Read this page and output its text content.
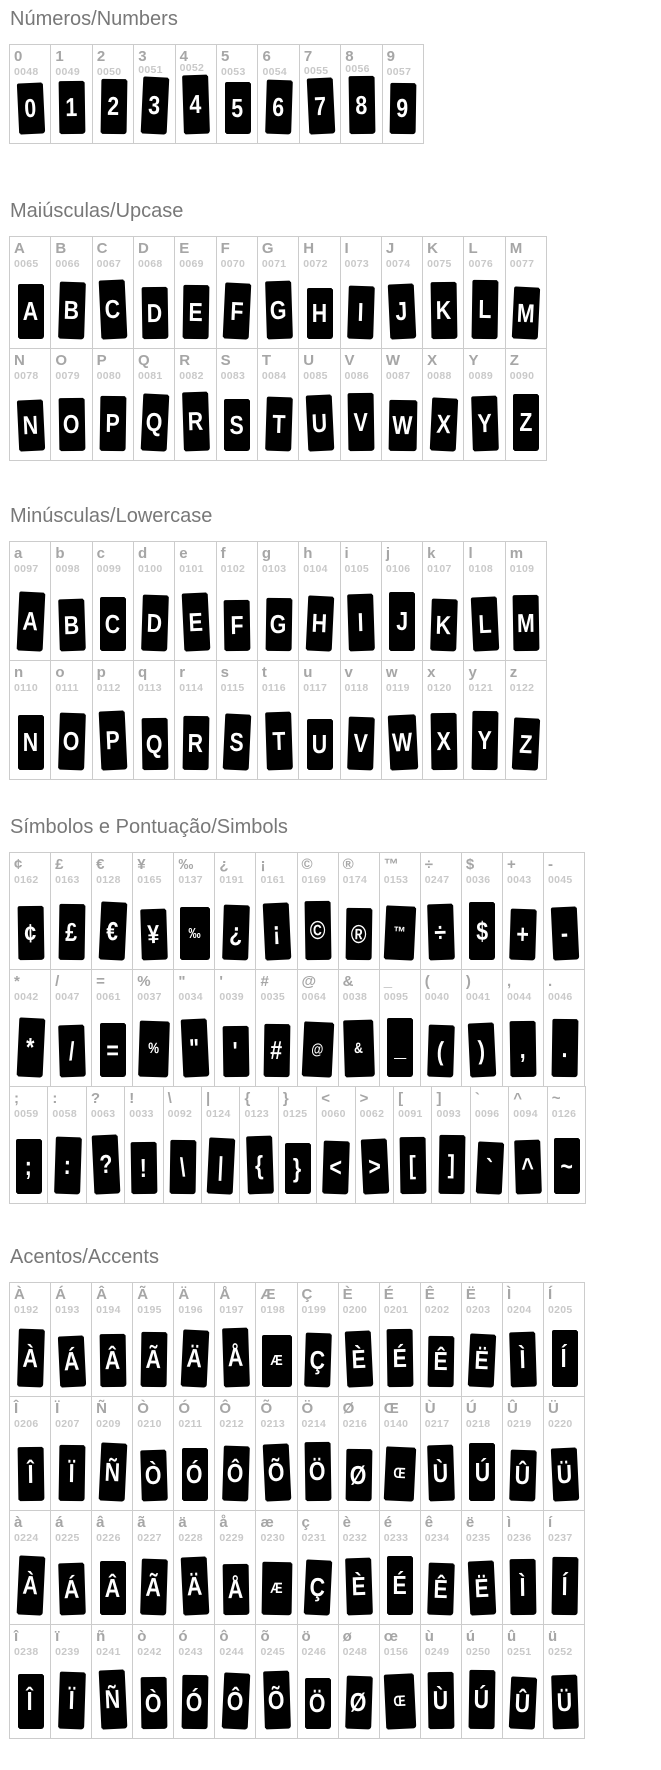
Números/Numbers
0
0048
0
1
0049
1
2
0050
2
3
0051
3
4
0052
4
5
0053
5
6
0054
6
7
0055
7
8
0056
8
9
0057
9
Maiúsculas/Upcase
A
0065
A
B
0066
B
C
0067
C
D
0068
D
E
0069
E
F
0070
F
G
0071
G
H
0072
H
I
0073
I
J
0074
J
K
0075
K
L
0076
L
M
0077
M
N
0078
N
O
0079
O
P
0080
P
Q
0081
Q
R
0082
R
S
0083
S
T
0084
T
U
0085
U
V
0086
V
W
0087
W
X
0088
X
Y
0089
Y
Z
0090
Z
Minúsculas/Lowercase
a
0097
A
b
0098
B
c
0099
C
d
0100
D
e
0101
E
f
0102
F
g
0103
G
h
0104
H
i
0105
I
j
0106
J
k
0107
K
l
0108
L
m
0109
M
n
0110
N
o
0111
O
p
0112
P
q
0113
Q
r
0114
R
s
0115
S
t
0116
T
u
0117
U
v
0118
V
w
0119
W
x
0120
X
y
0121
Y
z
0122
Z
Símbolos e Pontuação/Simbols
¢
0162
¢
£
0163
£
€
0128
€
¥
0165
¥
‰
0137
‰
¿
0191
¿
¡
0161
¡
©
0169
©
®
0174
®
™
0153
™
÷
0247
÷
$
0036
$
+
0043
+
-
0045
-
*
0042
*
/
0047
/
=
0061
=
%
0037
%
"
0034
"
'
0039
'
#
0035
#
@
0064
@
&
0038
&
_
0095
_
(
0040
(
)
0041
)
,
0044
,
.
0046
.
;
0059
;
:
0058
:
?
0063
?
!
0033
!
\
0092
\
|
0124
|
{
0123
{
}
0125
}
<
0060
<
>
0062
>
[
0091
[
]
0093
]
`
0096
`
^
0094
^
~
0126
~
Acentos/Accents
À
0192
À
Á
0193
Á
Â
0194
Â
Ã
0195
Ã
Ä
0196
Ä
Å
0197
Å
Æ
0198
Æ
Ç
0199
Ç
È
0200
È
É
0201
É
Ê
0202
Ê
Ë
0203
Ë
Ì
0204
Ì
Í
0205
Í
Î
0206
Î
Ï
0207
Ï
Ñ
0209
Ñ
Ò
0210
Ò
Ó
0211
Ó
Ô
0212
Ô
Õ
0213
Õ
Ö
0214
Ö
Ø
0216
Ø
Œ
0140
Œ
Ù
0217
Ù
Ú
0218
Ú
Û
0219
Û
Ü
0220
Ü
à
0224
À
á
0225
Á
â
0226
Â
ã
0227
Ã
ä
0228
Ä
å
0229
Å
æ
0230
Æ
ç
0231
Ç
è
0232
È
é
0233
É
ê
0234
Ê
ë
0235
Ë
ì
0236
Ì
í
0237
Í
î
0238
Î
ï
0239
Ï
ñ
0241
Ñ
ò
0242
Ò
ó
0243
Ó
ô
0244
Ô
õ
0245
Õ
ö
0246
Ö
ø
0248
Ø
œ
0156
Œ
ù
0249
Ù
ú
0250
Ú
û
0251
Û
ü
0252
Ü
